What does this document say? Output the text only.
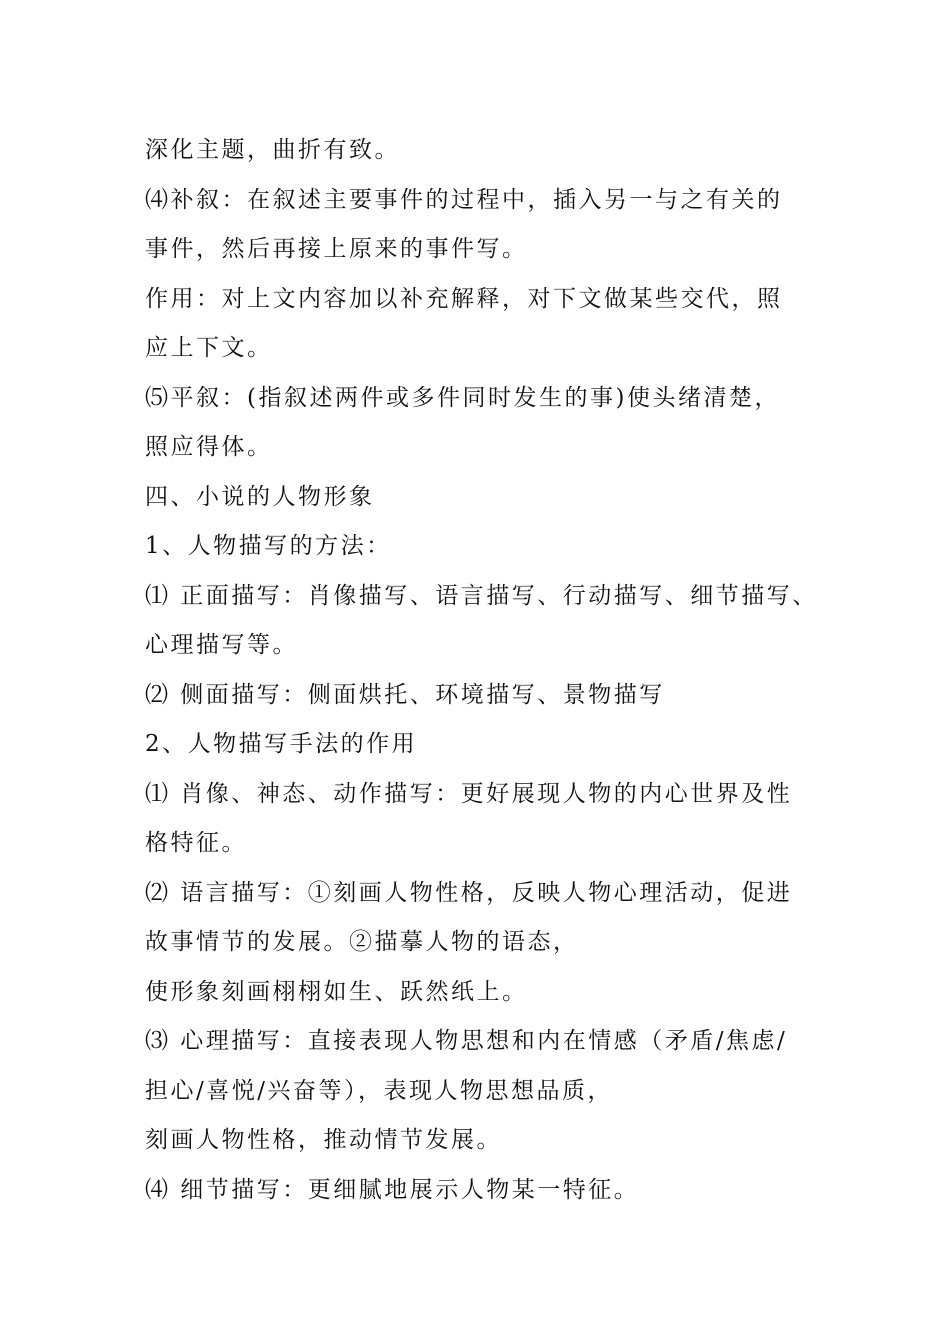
深化主题，曲折有致。
⑷补叙：在叙述主要事件的过程中，插入另一与之有关的
事件，然后再接上原来的事件写。
作用：对上文内容加以补充解释，对下文做某些交代，照
应上下文。
⑸平叙：(指叙述两件或多件同时发生的事)使头绪清楚，
照应得体。
四、小说的人物形象
1、人物描写的方法：
⑴ 正面描写：肖像描写、语言描写、行动描写、细节描写、
心理描写等。
⑵ 侧面描写：侧面烘托、环境描写、景物描写
2、人物描写手法的作用
⑴ 肖像、神态、动作描写：更好展现人物的内心世界及性
格特征。
⑵ 语言描写：①刻画人物性格，反映人物心理活动，促进
故事情节的发展。②描摹人物的语态，
使形象刻画栩栩如生、跃然纸上。
⑶ 心理描写：直接表现人物思想和内在情感（矛盾/焦虑/
担心/喜悦/兴奋等），表现人物思想品质，
刻画人物性格，推动情节发展。
⑷ 细节描写：更细腻地展示人物某一特征。
